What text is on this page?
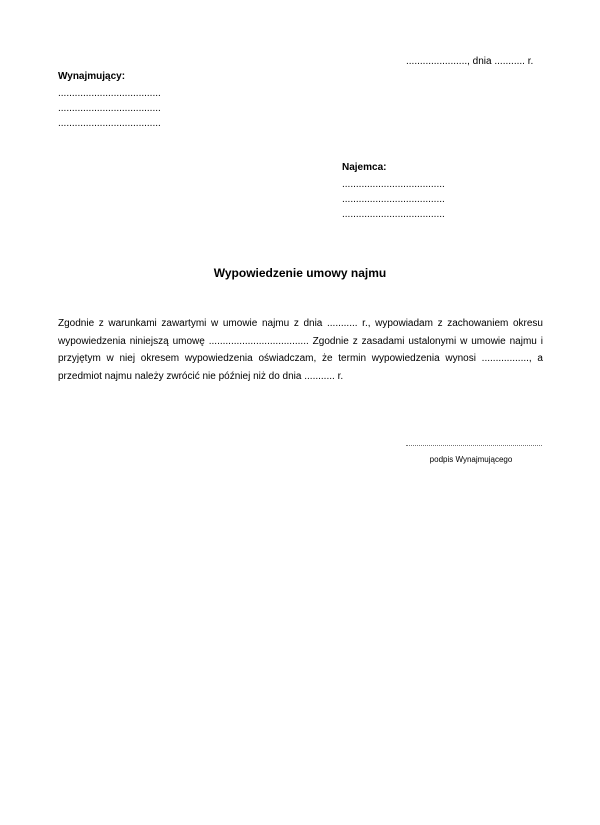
......................, dnia ........... r.
Wynajmujący:
.....................................
.....................................
.....................................
Najemca:
.....................................
.....................................
.....................................
Wypowiedzenie umowy najmu
Zgodnie z warunkami zawartymi w umowie najmu z dnia ........... r., wypowiadam z zachowaniem okresu wypowiedzenia niniejszą umowę .................................... Zgodnie z zasadami ustalonymi w umowie najmu i przyjętym w niej okresem wypowiedzenia oświadczam, że termin wypowiedzenia wynosi ................., a przedmiot najmu należy zwrócić nie później niż do dnia ........... r.
podpis Wynajmującego
